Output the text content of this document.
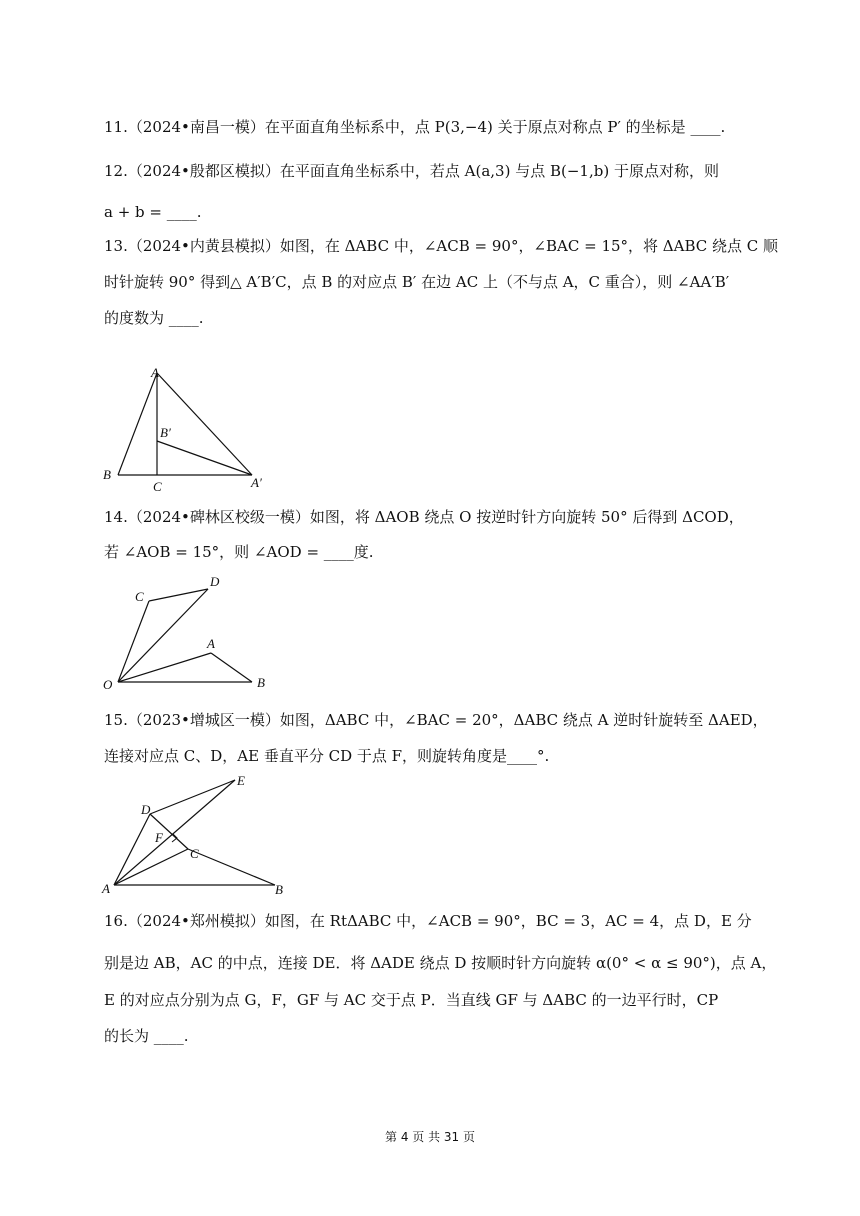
11.（2024•南昌一模）在平面直角坐标系中，点 P(3,−4) 关于原点对称点 P′ 的坐标是 ____.
12.（2024•殷都区模拟）在平面直角坐标系中，若点 A(a,3) 与点 B(−1,b) 于原点对称，则
a + b = ____.
13.（2024•内黄县模拟）如图，在 ΔABC 中，∠ACB = 90°，∠BAC = 15°，将 ΔABC 绕点 C 顺
时针旋转 90° 得到△ A′B′C，点 B 的对应点 B′ 在边 AC 上（不与点 A，C 重合），则 ∠AA′B′
的度数为 ____.
A
B′
B
C	A′
14.（2024•碑林区校级一模）如图，将 ΔAOB 绕点 O 按逆时针方向旋转 50° 后得到 ΔCOD，
若 ∠AOB = 15°，则 ∠AOD = ____度.
C
D
A
O	B
15.（2023•增城区一模）如图，ΔABC 中，∠BAC = 20°，ΔABC 绕点 A 逆时针旋转至 ΔAED，
连接对应点 C、D，AE 垂直平分 CD 于点 F，则旋转角度是____°.
D
E
F
C
A	B
16.（2024•郑州模拟）如图，在 RtΔABC 中，∠ACB = 90°，BC = 3，AC = 4，点 D，E 分
别是边 AB，AC 的中点，连接 DE．将 ΔADE 绕点 D 按顺时针方向旋转 α(0° < α ≤ 90°)，点 A，
E 的对应点分别为点 G，F，GF 与 AC 交于点 P．当直线 GF 与 ΔABC 的一边平行时，CP
的长为 ____.
第 4 页 共 31 页
